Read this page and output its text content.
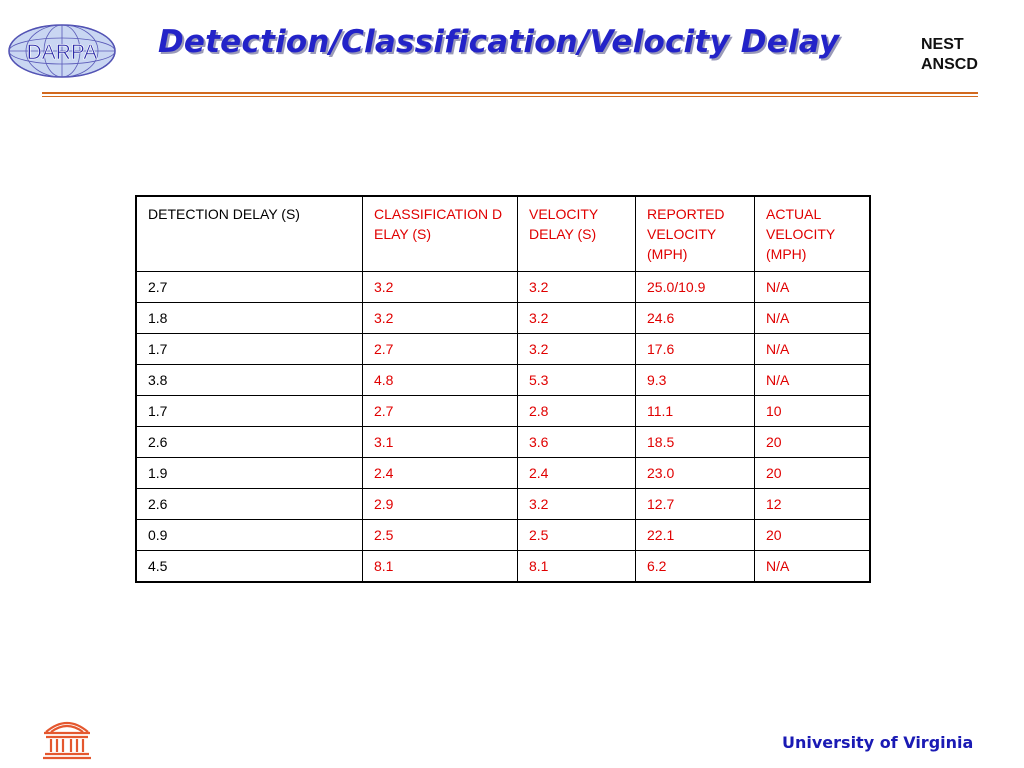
DARPA Detection/Classification/Velocity Delay	NEST
ANSCD
DETECTION DELAY (S)	CLASSIFICATION DELAY (S)	VELOCITY DELAY (S)	REPORTED VELOCITY (MPH)	ACTUAL VELOCITY (MPH)
2.7	3.2	3.2	25.0/10.9	N/A
1.8	3.2	3.2	24.6	N/A
1.7	2.7	3.2	17.6	N/A
3.8	4.8	5.3	9.3	N/A
1.7	2.7	2.8	11.1	10
2.6	3.1	3.6	18.5	20
1.9	2.4	2.4	23.0	20
2.6	2.9	3.2	12.7	12
0.9	2.5	2.5	22.1	20
4.5	8.1	8.1	6.2	N/A
University of Virginia
